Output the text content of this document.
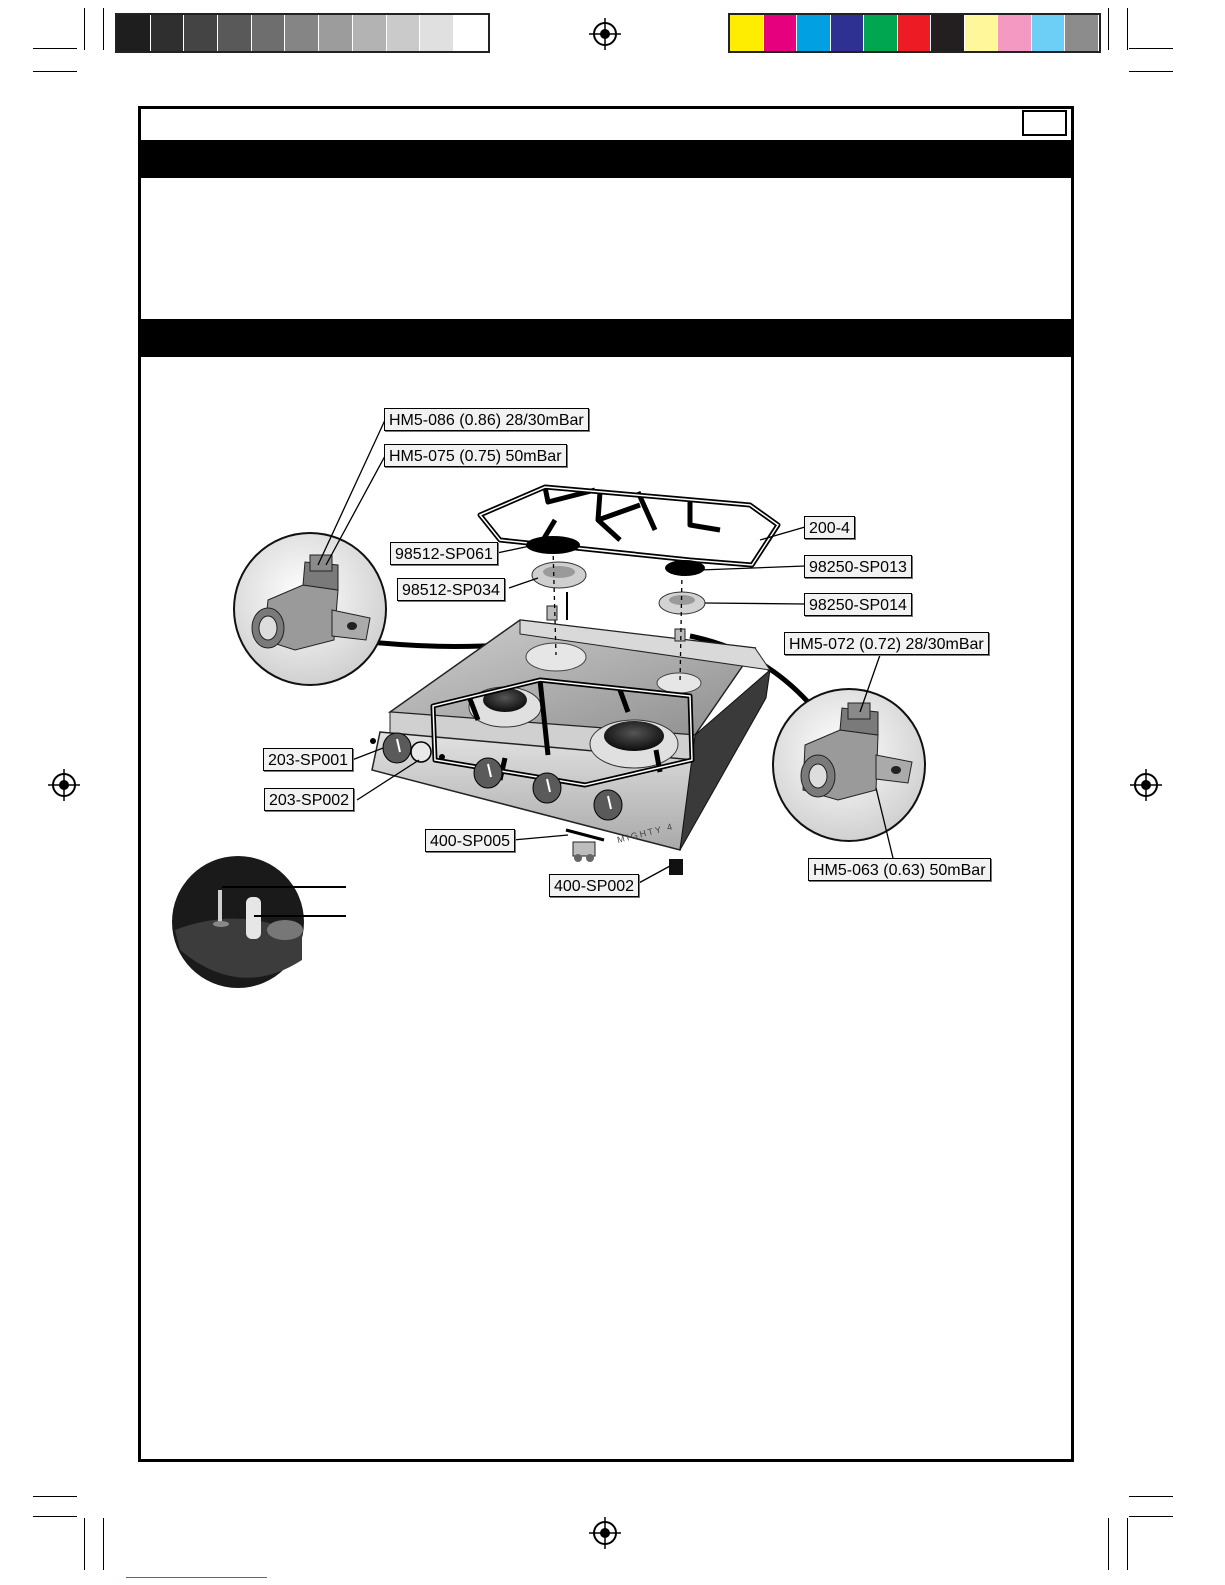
MIGHTY 4
HM5-086 (0.86) 28/30mBar
HM5-075 (0.75) 50mBar
200-4
98512-SP061
98512-SP034
98250-SP013
98250-SP014
HM5-072 (0.72) 28/30mBar
203-SP001
203-SP002
400-SP005
400-SP002
HM5-063 (0.63) 50mBar
